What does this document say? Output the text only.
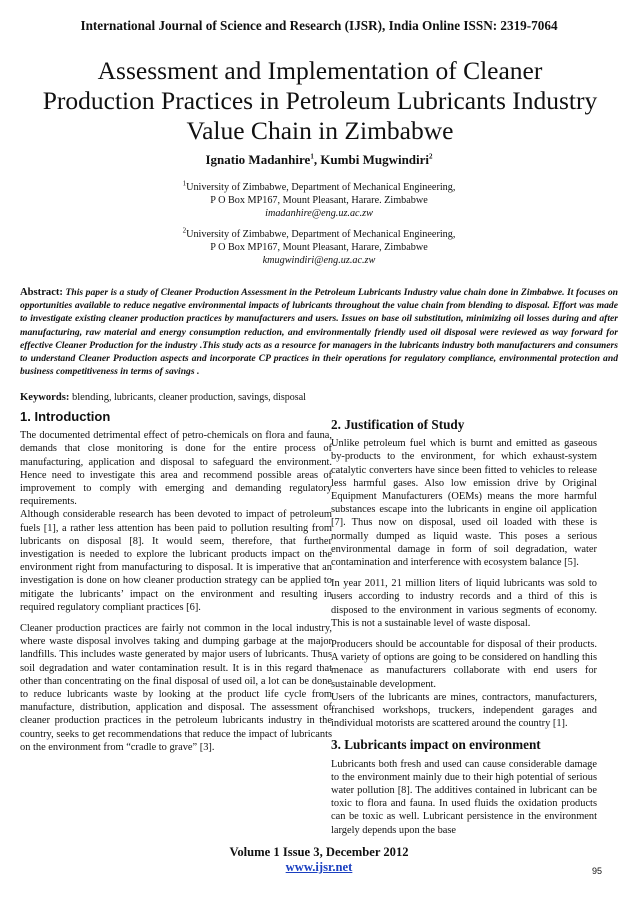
International Journal of Science and Research (IJSR), India Online ISSN: 2319-7064
Assessment and Implementation of Cleaner Production Practices in Petroleum Lubricants Industry Value Chain in Zimbabwe
Ignatio Madanhire$^1$, Kumbi Mugwindiri$^2$
$^1$University of Zimbabwe, Department of Mechanical Engineering,
P O Box MP167, Mount Pleasant, Harare. Zimbabwe
imadanhire@eng.uz.ac.zw
$^2$University of Zimbabwe, Department of Mechanical Engineering,
P O Box MP167, Mount Pleasant, Harare, Zimbabwe
kmugwindiri@eng.uz.ac.zw
Abstract: This paper is a study of Cleaner Production Assessment in the Petroleum Lubricants Industry value chain done in Zimbabwe. It focuses on opportunities available to reduce negative environmental impacts of lubricants throughout the value chain from blending to disposal. Effort was made to investigate existing cleaner production practices by manufacturers and users. Issues on base oil substitution, minimizing oil losses during and after manufacturing, raw material and energy consumption reduction, and environmentally friendly used oil disposal were reviewed as way forward for effective Cleaner Production for the industry .This study acts as a resource for managers in the lubricants industry both manufacturers and consumers to understand Cleaner Production aspects and incorporate CP practices in their operations for regulatory compliance, environmental protection and business competitiveness in terms of savings .
Keywords: blending, lubricants, cleaner production, savings, disposal
1. Introduction

The documented detrimental effect of petro-chemicals on flora and fauna, demands that close monitoring is done for the entire process of manufacturing, application and disposal to safeguard the environment. Hence need to investigate this area and recommend possible areas of improvement to comply with emerging and demanding regulatory requirements.

Although considerable research has been devoted to impact of petroleum fuels [1], a rather less attention has been paid to pollution resulting from lubricants on disposal [8]. It would seem, therefore, that further investigation is needed to explore the lubricant products impact on the environment right from manufacturing to disposal. It is imperative that an investigation is done on how cleaner production strategy can be applied to mitigate the lubricants’ impact on the environment and resulting in required regulatory compliant practices [6].

Cleaner production practices are fairly not common in the local industry, where waste disposal involves taking and dumping garbage at the major landfills. This includes waste generated by major users of lubricants. Thus soil degradation and water contamination result. It is in this regard that other than concentrating on the final disposal of used oil, a lot can be done to reduce lubricants waste by looking at the product life cycle from manufacture, distribution, application and disposal. The assessment of cleaner production practices in the petroleum lubricants industry in the country, seeks to get recommendations that reduce the impact of lubricants on the environment from “cradle to grave” [3].

2. Justification of Study

Unlike petroleum fuel which is burnt and emitted as gaseous by-products to the environment, for which exhaust-system catalytic converters have since been fitted to vehicles to release less harmful gases. Also low emission drive by Original Equipment Manufacturers (OEMs) means the more harmful substances escape into the lubricants in engine oil application [7]. Thus now on disposal, used oil loaded with these is normally dumped as liquid waste. This poses a serious environmental damage in form of soil degradation, water contamination and interference with ecosystem balance [5].

In year 2011, 21 million liters of liquid lubricants was sold to users according to industry records and a third of this is disposed to the environment in various segments of economy. This is not a sustainable level of waste disposal.

Producers should be accountable for disposal of their products. A variety of options are going to be considered on handling this menace as manufacturers collaborate with end users for sustainable development.

Users of the lubricants are mines, contractors, manufacturers, franchised workshops, truckers, independent garages and individual motorists are scattered around the country [1].

3. Lubricants impact on environment

Lubricants both fresh and used can cause considerable damage to the environment mainly due to their high potential of serious water pollution [8]. The additives contained in lubricant can be toxic to flora and fauna. In used fluids the oxidation products can be toxic as well. Lubricant persistence in the environment largely depends upon the base

Volume 1 Issue 3, December 2012
www.ijsr.net	95
